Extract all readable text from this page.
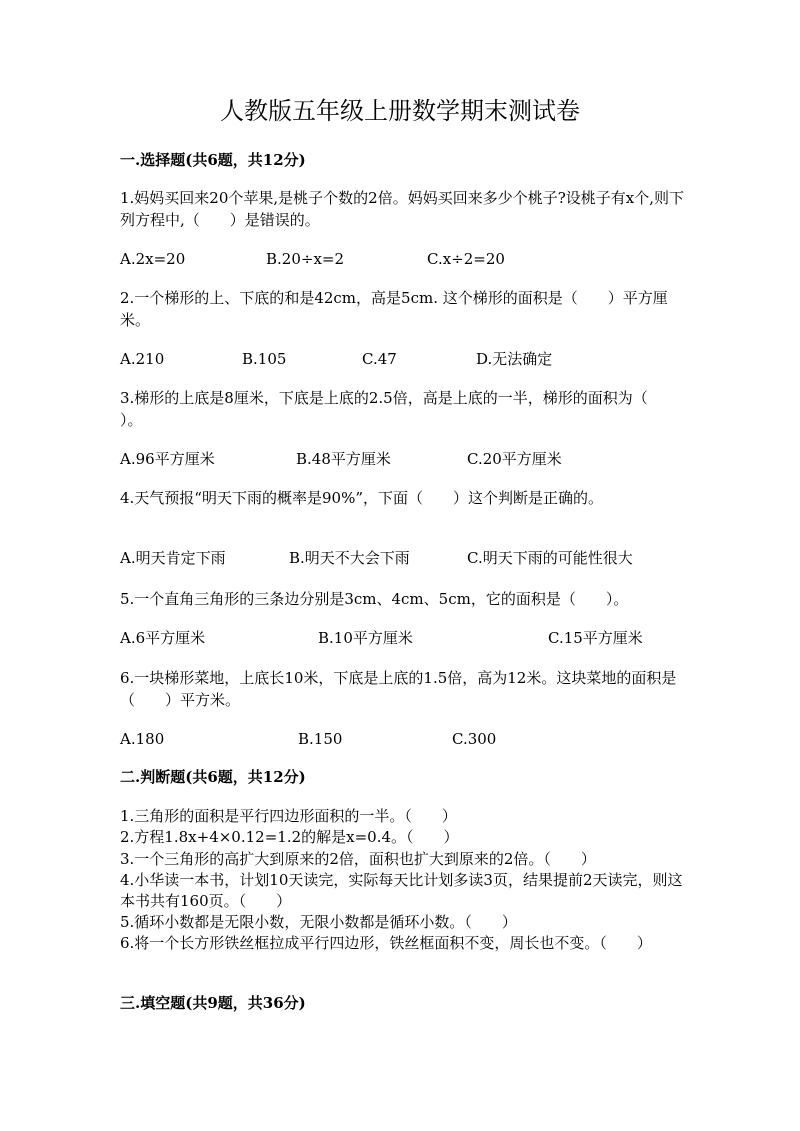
人教版五年级上册数学期末测试卷
一.选择题(共6题，共12分)
1.妈妈买回来20个苹果,是桃子个数的2倍。妈妈买回来多少个桃子?设桃子有x个,则下列方程中,（　　）是错误的。
A.2x=20	B.20÷x=2	C.x÷2=20
2.一个梯形的上、下底的和是42cm，高是5cm. 这个梯形的面积是（　　）平方厘米。
A.210	B.105	C.47	D.无法确定
3.梯形的上底是8厘米，下底是上底的2.5倍，高是上底的一半，梯形的面积为（　　）。
A.96平方厘米	B.48平方厘米	C.20平方厘米
4.天气预报“明天下雨的概率是90%”，下面（　　）这个判断是正确的。
A.明天肯定下雨	B.明天不大会下雨	C.明天下雨的可能性很大
5.一个直角三角形的三条边分别是3cm、4cm、5cm，它的面积是（　　）。
A.6平方厘米	B.10平方厘米	C.15平方厘米
6.一块梯形菜地，上底长10米，下底是上底的1.5倍，高为12米。这块菜地的面积是（　　）平方米。
A.180	B.150	C.300
二.判断题(共6题，共12分)
1.三角形的面积是平行四边形面积的一半。（　　）
2.方程1.8x+4×0.12=1.2的解是x=0.4。（　　）
3.一个三角形的高扩大到原来的2倍，面积也扩大到原来的2倍。（　　）
4.小华读一本书，计划10天读完，实际每天比计划多读3页，结果提前2天读完，则这本书共有160页。（　　）
5.循环小数都是无限小数，无限小数都是循环小数。（　　）
6.将一个长方形铁丝框拉成平行四边形，铁丝框面积不变，周长也不变。（　　）
三.填空题(共9题，共36分)
